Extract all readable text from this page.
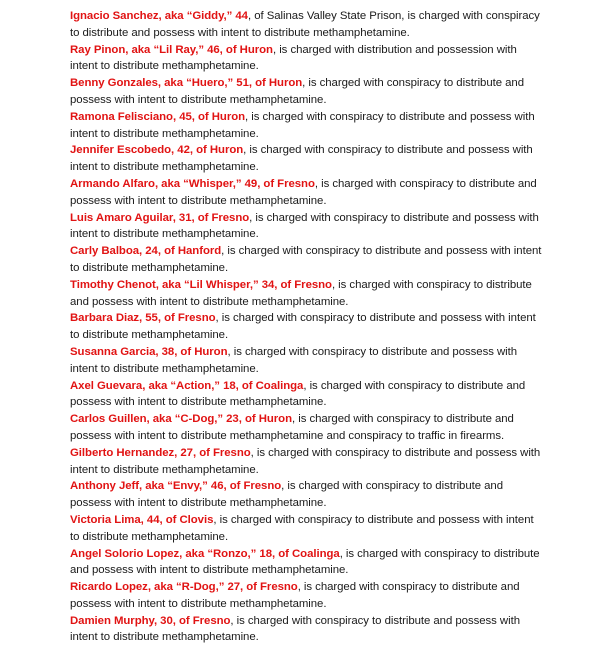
Ignacio Sanchez, aka “Giddy,” 44, of Salinas Valley State Prison, is charged with conspiracy to distribute and possess with intent to distribute methamphetamine.

Ray Pinon, aka “Lil Ray,” 46, of Huron, is charged with distribution and possession with intent to distribute methamphetamine.

Benny Gonzales, aka “Huero,” 51, of Huron, is charged with conspiracy to distribute and possess with intent to distribute methamphetamine.

Ramona Felisciano, 45, of Huron, is charged with conspiracy to distribute and possess with intent to distribute methamphetamine.

Jennifer Escobedo, 42, of Huron, is charged with conspiracy to distribute and possess with intent to distribute methamphetamine.

Armando Alfaro, aka “Whisper,” 49, of Fresno, is charged with conspiracy to distribute and possess with intent to distribute methamphetamine.

Luis Amaro Aguilar, 31, of Fresno, is charged with conspiracy to distribute and possess with intent to distribute methamphetamine.

Carly Balboa, 24, of Hanford, is charged with conspiracy to distribute and possess with intent to distribute methamphetamine.

Timothy Chenot, aka “Lil Whisper,” 34, of Fresno, is charged with conspiracy to distribute and possess with intent to distribute methamphetamine.

Barbara Diaz, 55, of Fresno, is charged with conspiracy to distribute and possess with intent to distribute methamphetamine.

Susanna Garcia, 38, of Huron, is charged with conspiracy to distribute and possess with intent to distribute methamphetamine.

Axel Guevara, aka “Action,” 18, of Coalinga, is charged with conspiracy to distribute and possess with intent to distribute methamphetamine.

Carlos Guillen, aka “C-Dog,” 23, of Huron, is charged with conspiracy to distribute and possess with intent to distribute methamphetamine and conspiracy to traffic in firearms.

Gilberto Hernandez, 27, of Fresno, is charged with conspiracy to distribute and possess with intent to distribute methamphetamine.

Anthony Jeff, aka “Envy,” 46, of Fresno, is charged with conspiracy to distribute and possess with intent to distribute methamphetamine.

Victoria Lima, 44, of Clovis, is charged with conspiracy to distribute and possess with intent to distribute methamphetamine.

Angel Solorio Lopez, aka “Ronzo,” 18, of Coalinga, is charged with conspiracy to distribute and possess with intent to distribute methamphetamine.

Ricardo Lopez, aka “R-Dog,” 27, of Fresno, is charged with conspiracy to distribute and possess with intent to distribute methamphetamine.

Damien Murphy, 30, of Fresno, is charged with conspiracy to distribute and possess with intent to distribute methamphetamine.
